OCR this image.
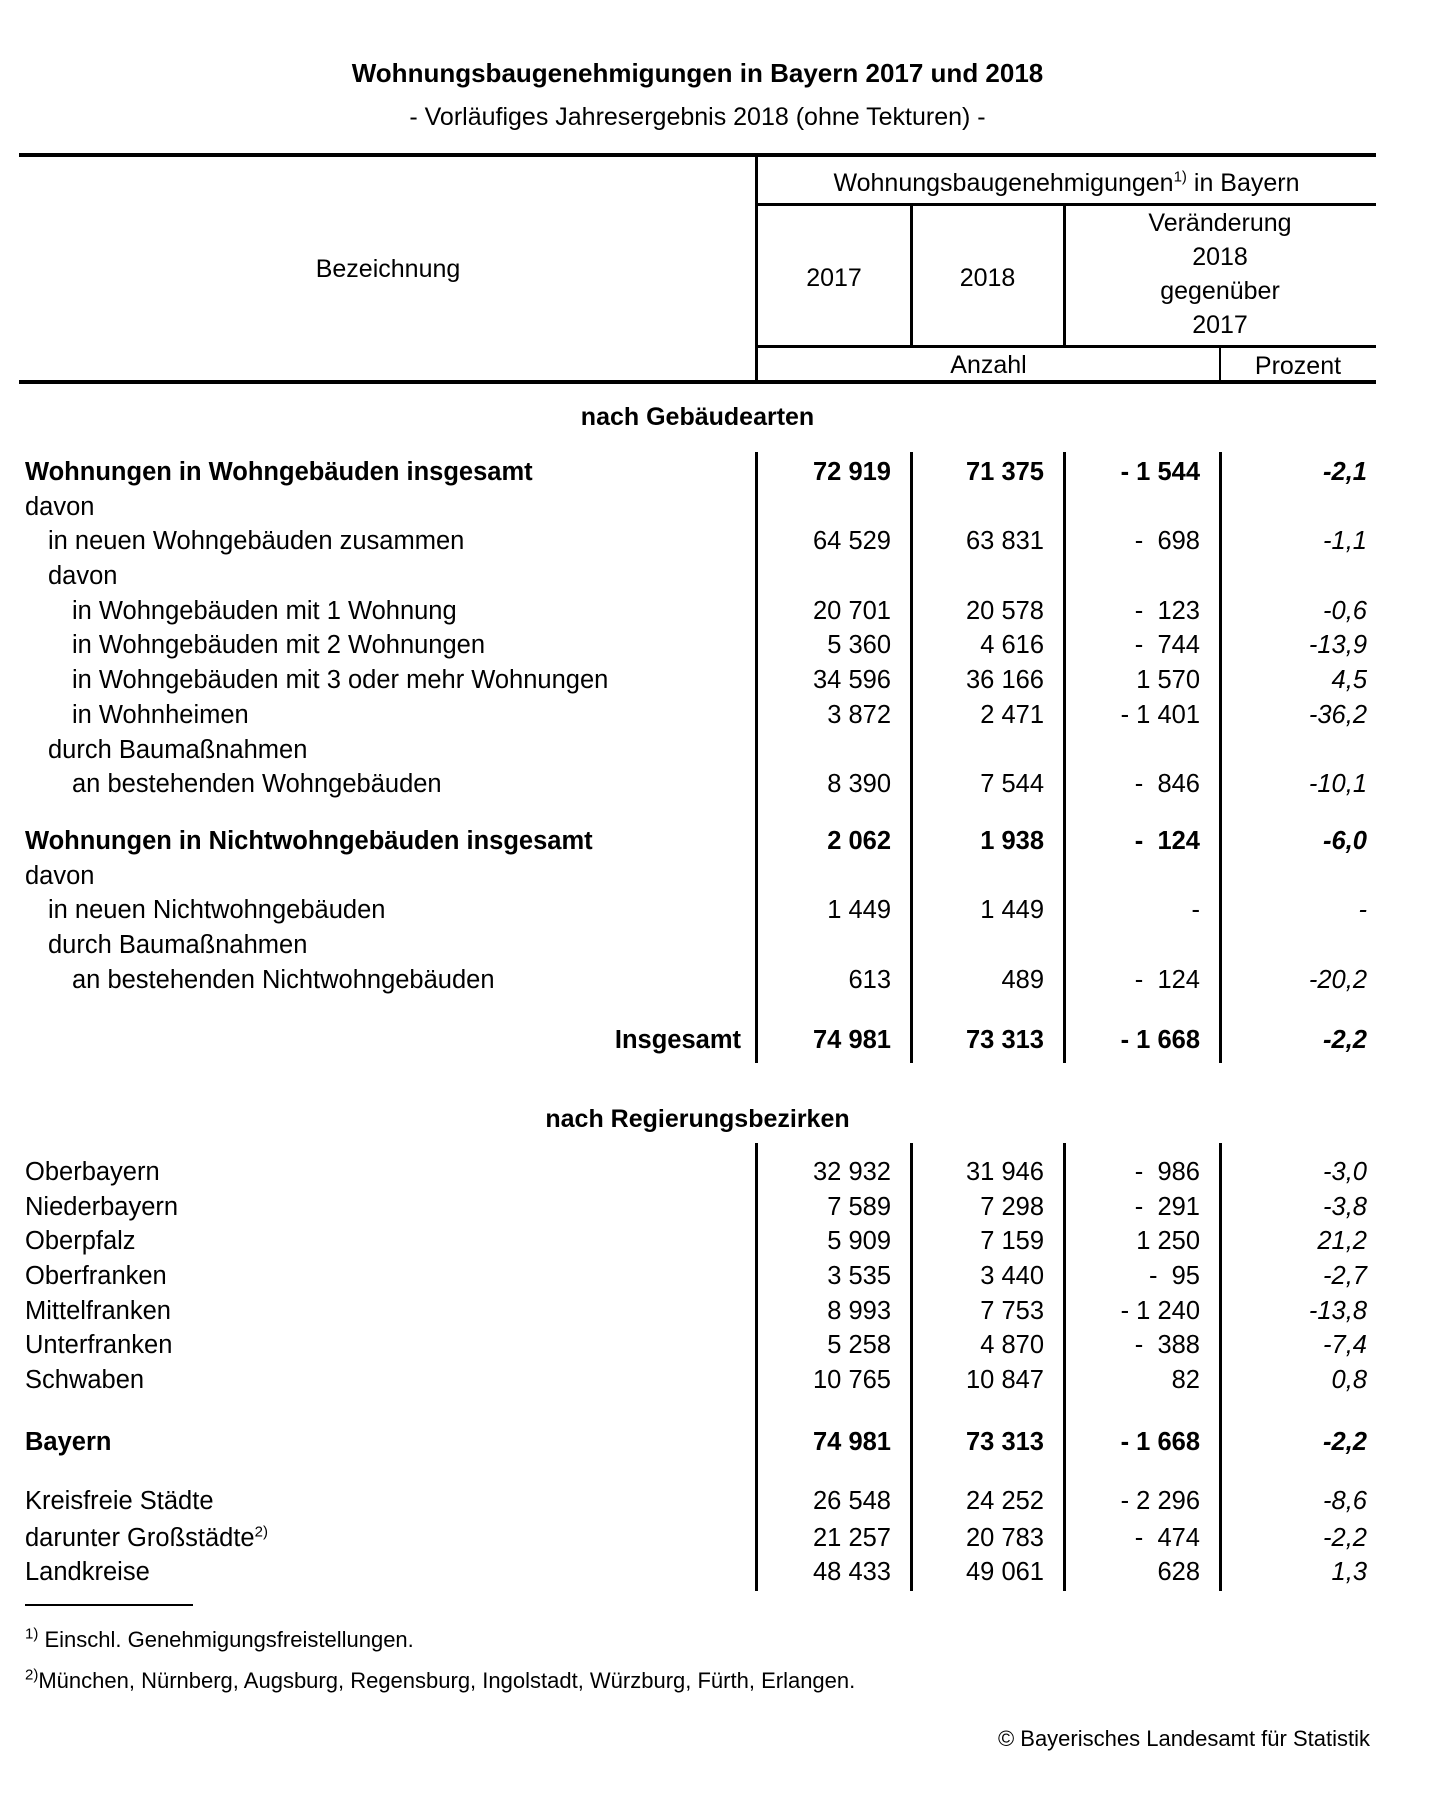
Wohnungsbaugenehmigungen in Bayern 2017 und 2018
- Vorläufiges Jahresergebnis 2018 (ohne Tekturen) -
Bezeichnung
Wohnungsbaugenehmigungen$^{1)}$ in Bayern
2017	2018
Veränderung
2018
gegenüber
2017
Anzahl	Prozent
nach Gebäudearten
Wohnungen in Wohngebäuden insgesamt	72 919	71 375	- 1 544	-2,1
davon
in neuen Wohngebäuden zusammen	64 529	63 831	-  698	-1,1
davon
in Wohngebäuden mit 1 Wohnung	20 701	20 578	-  123	-0,6
in Wohngebäuden mit 2 Wohnungen	5 360	4 616	-  744	-13,9
in Wohngebäuden mit 3 oder mehr Wohnungen	34 596	36 166	1 570	4,5
in Wohnheimen	3 872	2 471	- 1 401	-36,2
durch Baumaßnahmen
an bestehenden Wohngebäuden	8 390	7 544	-  846	-10,1
Wohnungen in Nichtwohngebäuden insgesamt	2 062	1 938	-  124	-6,0
davon
in neuen Nichtwohngebäuden	1 449	1 449	-	-
durch Baumaßnahmen
an bestehenden Nichtwohngebäuden	613	489	-  124	-20,2
Insgesamt	74 981	73 313	- 1 668	-2,2
nach Regierungsbezirken
Oberbayern	32 932	31 946	-  986	-3,0
Niederbayern	7 589	7 298	-  291	-3,8
Oberpfalz	5 909	7 159	1 250	21,2
Oberfranken	3 535	3 440	-  95	-2,7
Mittelfranken	8 993	7 753	- 1 240	-13,8
Unterfranken	5 258	4 870	-  388	-7,4
Schwaben	10 765	10 847	82	0,8
Bayern	74 981	73 313	- 1 668	-2,2
Kreisfreie Städte	26 548	24 252	- 2 296	-8,6
darunter Großstädte$^{2)}$	21 257	20 783	-  474	-2,2
Landkreise	48 433	49 061	628	1,3
$^{1)}$ Einschl. Genehmigungsfreistellungen.
$^{2)}$München, Nürnberg, Augsburg, Regensburg, Ingolstadt, Würzburg, Fürth, Erlangen.
© Bayerisches Landesamt für Statistik
